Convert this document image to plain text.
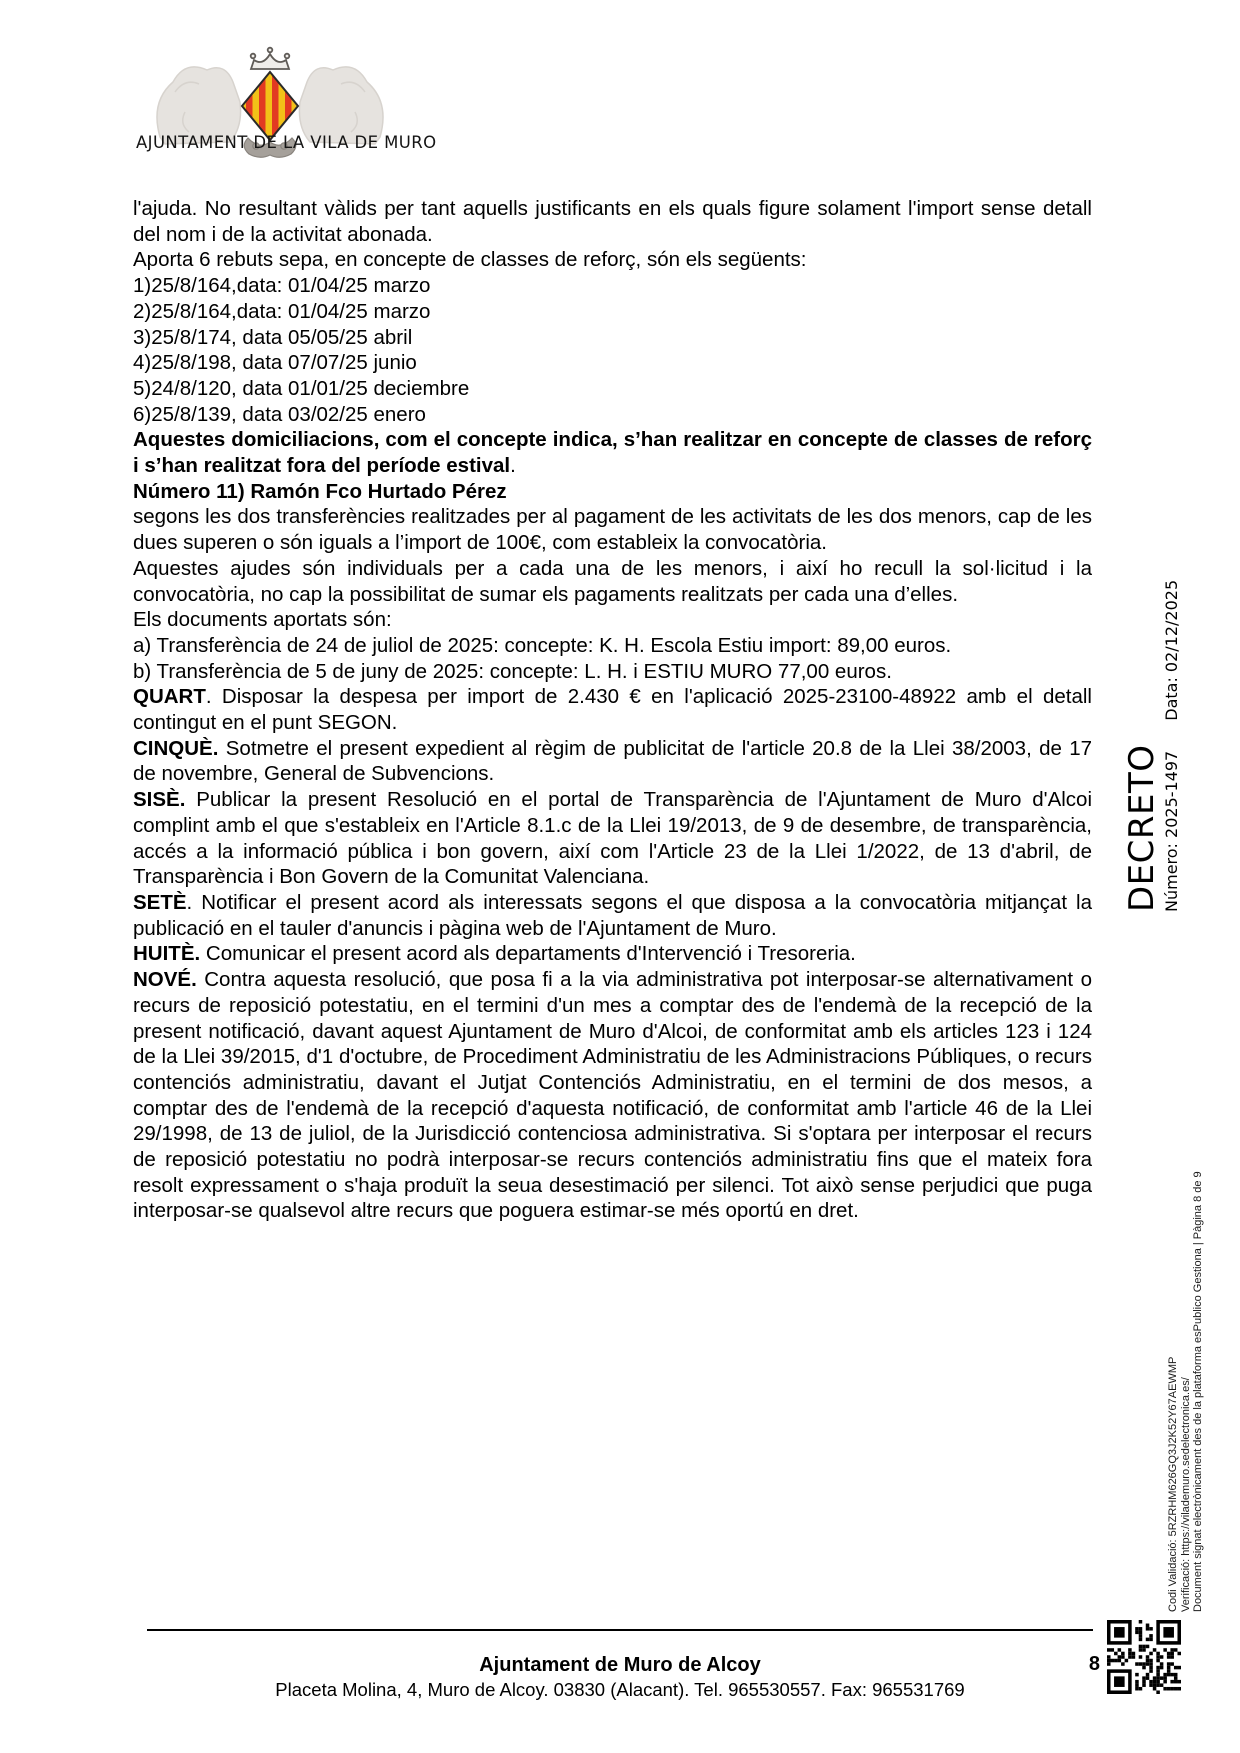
AJUNTAMENT DE LA VILA DE MURO

l'ajuda. No resultant vàlids per tant aquells justificants en els quals figure solament l'import sense detall del nom i de la activitat abonada.

Aporta 6 rebuts sepa, en concepte de classes de reforç, són els següents:

1)25/8/164,data: 01/04/25 marzo

2)25/8/164,data: 01/04/25 marzo

3)25/8/174, data 05/05/25 abril

4)25/8/198, data 07/07/25 junio

5)24/8/120, data 01/01/25 deciembre

6)25/8/139, data 03/02/25 enero

Aquestes domiciliacions, com el concepte indica, s’han realitzar en concepte de classes de reforç i s’han realitzat fora del període estival.

Número 11) Ramón Fco Hurtado Pérez

segons les dos transferències realitzades per al pagament de les activitats de les dos menors, cap de les dues superen o són iguals a l’import de 100€, com estableix la convocatòria.

Aquestes ajudes són individuals per a cada una de les menors, i així ho recull la sol·licitud i la convocatòria, no cap la possibilitat de sumar els pagaments realitzats per cada una d’elles.

Els documents aportats són:

a) Transferència de 24 de juliol de 2025: concepte: K. H. Escola Estiu import: 89,00 euros.

b) Transferència de 5 de juny de 2025: concepte: L. H. i ESTIU MURO 77,00 euros.

QUART. Disposar la despesa per import de 2.430 € en l'aplicació 2025-23100-48922 amb el detall contingut en el punt SEGON.

CINQUÈ. Sotmetre el present expedient al règim de publicitat de l'article 20.8 de la Llei 38/2003, de 17 de novembre, General de Subvencions.

SISÈ. Publicar la present Resolució en el portal de Transparència de l'Ajuntament de Muro d'Alcoi complint amb el que s'estableix en l'Article 8.1.c de la Llei 19/2013, de 9 de desembre, de transparència, accés a la informació pública i bon govern, així com l'Article 23 de la Llei 1/2022, de 13 d'abril, de Transparència i Bon Govern de la Comunitat Valenciana.

SETÈ. Notificar el present acord als interessats segons el que disposa a la convocatòria mitjançat la publicació en el tauler d'anuncis i pàgina web de l'Ajuntament de Muro.

HUITÈ. Comunicar el present acord als departaments d'Intervenció i Tresoreria.

NOVÉ. Contra aquesta resolució, que posa fi a la via administrativa pot interposar-se alternativament o recurs de reposició potestatiu, en el termini d'un mes a comptar des de l'endemà de la recepció de la present notificació, davant aquest Ajuntament de Muro d'Alcoi, de conformitat amb els articles 123 i 124 de la Llei 39/2015, d'1 d'octubre, de Procediment Administratiu de les Administracions Públiques, o recurs contenciós administratiu, davant el Jutjat Contenciós Administratiu, en el termini de dos mesos, a comptar des de l'endemà de la recepció d'aquesta notificació, de conformitat amb l'article 46 de la Llei 29/1998, de 13 de juliol, de la Jurisdicció contenciosa administrativa. Si s'optara per interposar el recurs de reposició potestatiu no podrà interposar-se recurs contenciós administratiu fins que el mateix fora resolt expressament o s'haja produït la seua desestimació per silenci. Tot això sense perjudici que puga interposar-se qualsevol altre recurs que poguera estimar-se més oportú en dret.

DECRETO Número: 2025-1497Data: 02/12/2025
Codi Validació: 5RZRHM626GQ3J2K52Y67AEWMP Verificació: https://vilademuro.sedelectronica.es/ Document signat electrònicament des de la plataforma esPublico Gestiona | Pàgina 8 de 9
Ajuntament de Muro de Alcoy
Placeta Molina, 4, Muro de Alcoy. 03830 (Alacant). Tel. 965530557. Fax: 965531769
8
